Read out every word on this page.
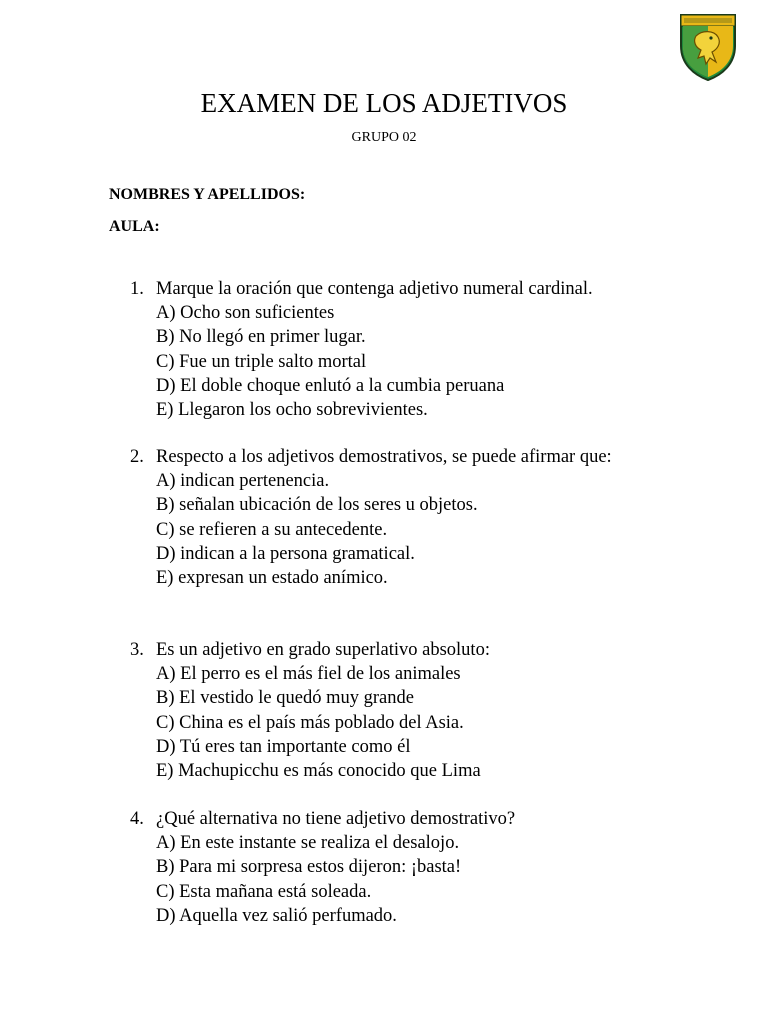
EXAMEN DE LOS ADJETIVOS
GRUPO 02
NOMBRES Y APELLIDOS:
AULA:
1. Marque la oración que contenga adjetivo numeral cardinal.
A) Ocho son suficientes
B) No llegó en primer lugar.
C) Fue un triple salto mortal
D) El doble choque enlutó a la cumbia peruana
E) Llegaron los ocho sobrevivientes.
2. Respecto a los adjetivos demostrativos, se puede afirmar que:
A) indican pertenencia.
B) señalan ubicación de los seres u objetos.
C) se refieren a su antecedente.
D) indican a la persona gramatical.
E) expresan un estado anímico.
3. Es un adjetivo en grado superlativo absoluto:
A) El perro es el más fiel de los animales
B) El vestido le quedó muy grande
C) China es el país más poblado del Asia.
D) Tú eres tan importante como él
E) Machupicchu es más conocido que Lima
4. ¿Qué alternativa no tiene adjetivo demostrativo?
A) En este instante se realiza el desalojo.
B) Para mi sorpresa estos dijeron: ¡basta!
C) Esta mañana está soleada.
D) Aquella vez salió perfumado.
